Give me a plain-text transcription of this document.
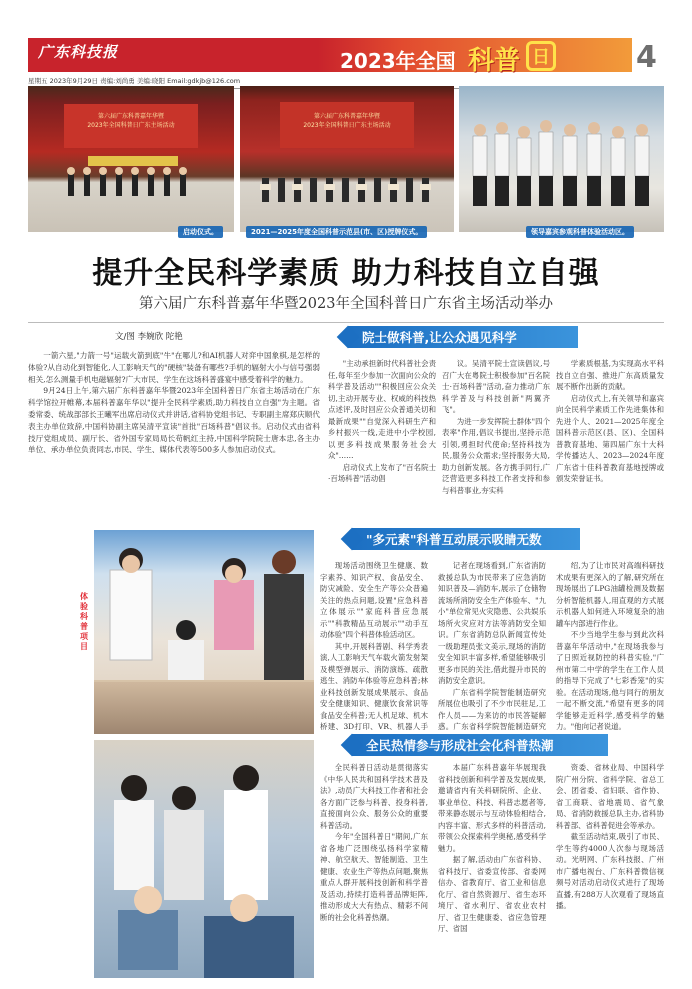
广东科技报	2023年全国 科普 日	4
星期五 2023年9月29日 责编:刘尚勇 美编:晓阳 Email:gdkjb@126.com
第六届广东科普嘉年华暨
2023年全国科普日广东主场活动
启动仪式。
第六届广东科普嘉年华暨
2023年全国科普日广东主场活动
2021—2025年度全国科普示范县(市、区)授牌仪式。	领导嘉宾参观科普体验活动区。
提升全民科学素质 助力科技自立自强
第六届广东科普嘉年华暨2023年全国科普日广东省主场活动举办
文/图 李婉欣 陀艳

一箭六星,"力箭一号"运载火箭到底"牛"在哪儿?和AI机器人对弈中国象棋,是怎样的体验?从自动化到智能化,人工影响天气的"硬核"装备有哪些?手机的辐射大小与信号强弱相关,怎么测量手机电磁辐射?广大市民、学生在这场科普盛宴中感受着科学的魅力。

9月24日上午,第六届广东科普嘉年华暨2023年全国科普日广东省主场活动在广东科学馆拉开帷幕,本届科普嘉年华以"提升全民科学素质,助力科技自立自强"为主题。省委常委、统战部部长王曦军出席启动仪式并讲话,省科协党组书记、专职副主席郑庆顺代表主办单位致辞,中国科协副主席吴清平宣读"首批"百场科普"倡议书。启动仪式由省科技厅党组成员、副厅长、省外国专家局局长苟帆红主持,中国科学院院士唐本忠,各主办单位、承办单位负责同志,市民、学生、媒体代表等500多人参加启动仪式。

院士做科普,让公众遇见科学

"主动承担新时代科普社会责任,每年至少参加一次面向公众的科学普及活动""积极回应公众关切,主动开展专业、权威的科技热点述评,及时回应公众普通关切和最新成果""自觉深入科研生产和乡村振兴一线,走进中小学校园,以更多科技成果服务社会大众"……

启动仪式上发布了"百名院士·百场科普"活动倡

议。吴清平院士宣读倡议,号召广大在粤院士积极参加"百名院士·百场科普"活动,奋力推动广东科学普及与科技创新"两翼齐飞"。

为进一步发挥院士群体"四个表率"作用,倡议书提出,坚持示范引领,勇担时代使命;坚持科技为民,服务公众需求;坚持服务大局,助力创新发展。各方携手同行,广泛营造更多科技工作者支持和参与科普事业,夯实科

学素质根基,为实现高水平科技自立自强、推进广东高质量发展不断作出新的贡献。

启动仪式上,有关领导和嘉宾向全民科学素质工作先进集体和先进个人、2021—2025年度全国科普示范区(县、区)、全国科普教育基地、第四届广东十大科学传播达人、2023—2024年度广东省十佳科普教育基地授牌或颁发荣誉证书。

"多元素"科普互动展示吸睛无数
体验科普项目

现场活动围绕卫生健康、数字素养、知识产权、食品安全、防灾减险、安全生产等公众普遍关注的热点问题,设置"应急科普立体展示""家庭科普应急展示""科教精品互动展示""动手互动体验"四个科普体验活动区。

其中,开展科普剧、科学秀表演,人工影响天气车载火箭发射架及模型弹展示、消防演练、疏散逃生、消防车体验等应急科普;林业科技创新发展成果展示、食品安全健康知识、健康饮食常识等食品安全科普;无人机足球、机木桥建、3D打印、VR、机器人手

记者在现场看到,广东省消防救援总队为市民带来了应急消防知识普及—消防车,展示了仓储物流场所消防安全生产体验车、"九小"单位常见火灾隐患、公共娱乐场所火灾应对方法等消防安全知识。广东省消防总队新闻宣传处一级助理员张文美示,现场的消防安全知识丰富多样,希望能够吸引更多市民的关注,借此提升市民的消防安全意识。

广东省科学院智能制造研究所展位也吸引了不少市民驻足,工作人员——为来访的市民答疑解惑。广东省科学院智能制造研究

绍,为了让市民对高端科研技术成果有更深入的了解,研究所在现场展出了LPG油罐检测及数据分析智能机器人,用直观的方式展示机器人如何进入环境复杂的油罐车内部进行作业。

不少当地学生参与到此次科普嘉年华活动中,"在现场我参与了日照近视防控的科普实验,"广州市第二中学的学生在工作人员的指导下完成了"七彩香笼"的实验。在活动现场,他与同行的朋友一起不断交流,"希望有更多的同学能够走近科学,感受科学的魅力。"他向记者说道。

全民热情参与形成社会化科普热潮

全民科普日活动是贯彻落实《中华人民共和国科学技术普及法》,动员广大科技工作者和社会各方面广泛参与科普、投身科普,直接面向公众、服务公众的重要科普活动。

今年"全国科普日"期间,广东省各地广泛围绕弘扬科学家精神、航空航天、智能制造、卫生健康、农业生产等热点问题,聚焦重点人群开展科技创新和科学普及活动,持续打造科普品牌矩阵,推动形成大大有热点、精彩不间断的社会化科普热潮。

本届广东科普嘉年华展现我省科技创新和科学普及发展成果,邀请省内有关科研院所、企业、事业单位、科技、科普志愿者等,带来静态展示与互动体验相结合,内容丰富、形式多样的科普活动,带领公众探索科学奥秘,感受科学魅力。

据了解,活动由广东省科协、省科技厅、省委宣传部、省委网信办、省教育厅、省工业和信息化厅、省自然资源厅、省生态环境厅、省水利厅、省农业农村厅、省卫生健康委、省应急管理厅、省国

资委、省林业局、中国科学院广州分院、省科学院、省总工会、团省委、省妇联、省作协、省工商联、省地震局、省气象局、省消防救援总队主办,省科协科普部、省科普促进会等承办。

截至活动结束,吸引了市民、学生等约4000人次参与现场活动。光明网、广东科技报、广州市广播电视台、广东科普微信视频号对活动启动仪式进行了现场直播,有288万人次观看了现场直播。
